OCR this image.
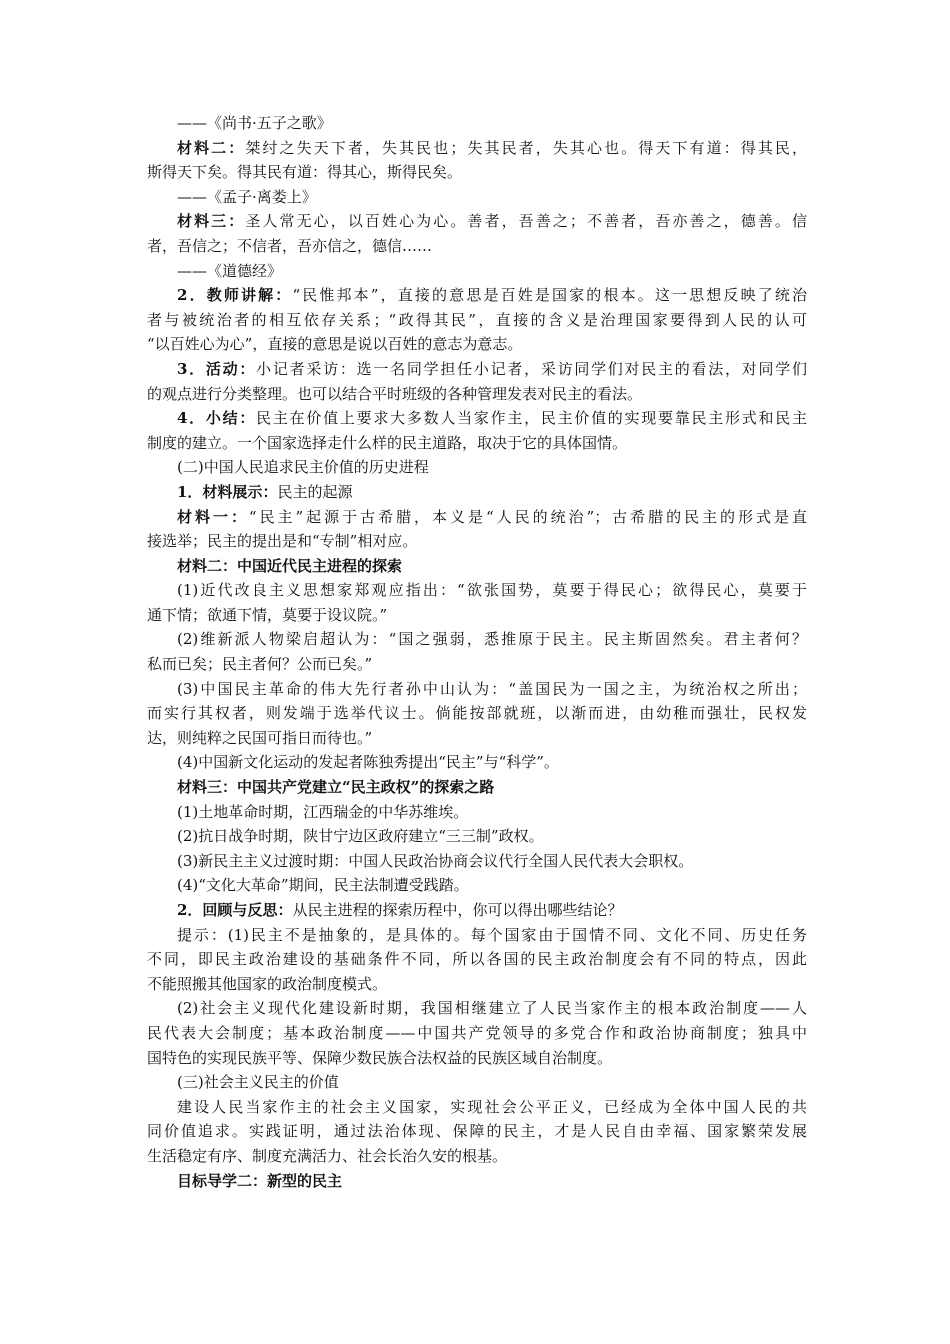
——《尚书·五子之歌》
材料二：桀纣之失天下者，失其民也；失其民者，失其心也。得天下有道：得其民，
斯得天下矣。得其民有道：得其心，斯得民矣。
——《孟子·离娄上》
材料三：圣人常无心，以百姓心为心。善者，吾善之；不善者，吾亦善之，德善。信
者，吾信之；不信者，吾亦信之，德信……
——《道德经》
2．教师讲解：“民惟邦本”，直接的意思是百姓是国家的根本。这一思想反映了统治
者与被统治者的相互依存关系；“政得其民”，直接的含义是治理国家要得到人民的认可
“以百姓心为心”，直接的意思是说以百姓的意志为意志。
3．活动：小记者采访：选一名同学担任小记者，采访同学们对民主的看法，对同学们
的观点进行分类整理。也可以结合平时班级的各种管理发表对民主的看法。
4．小结：民主在价值上要求大多数人当家作主，民主价值的实现要靠民主形式和民主
制度的建立。一个国家选择走什么样的民主道路，取决于它的具体国情。
(二)中国人民追求民主价值的历史进程
1．材料展示：民主的起源
材料一：“民主”起源于古希腊，本义是“人民的统治”；古希腊的民主的形式是直
接选举；民主的提出是和“专制”相对应。
材料二：中国近代民主进程的探索
(1)近代改良主义思想家郑观应指出：“欲张国势，莫要于得民心；欲得民心，莫要于
通下情；欲通下情，莫要于设议院。”
(2)维新派人物梁启超认为：“国之强弱，悉推原于民主。民主斯固然矣。君主者何？
私而已矣；民主者何？公而已矣。”
(3)中国民主革命的伟大先行者孙中山认为：“盖国民为一国之主，为统治权之所出；
而实行其权者，则发端于选举代议士。倘能按部就班，以渐而进，由幼稚而强壮，民权发
达，则纯粹之民国可指日而待也。”
(4)中国新文化运动的发起者陈独秀提出“民主”与“科学”。
材料三：中国共产党建立“民主政权”的探索之路
(1)土地革命时期，江西瑞金的中华苏维埃。
(2)抗日战争时期，陕甘宁边区政府建立“三三制”政权。
(3)新民主主义过渡时期：中国人民政治协商会议代行全国人民代表大会职权。
(4)“文化大革命”期间，民主法制遭受践踏。
2．回顾与反思：从民主进程的探索历程中，你可以得出哪些结论？
提示：(1)民主不是抽象的，是具体的。每个国家由于国情不同、文化不同、历史任务
不同，即民主政治建设的基础条件不同，所以各国的民主政治制度会有不同的特点，因此
不能照搬其他国家的政治制度模式。
(2)社会主义现代化建设新时期，我国相继建立了人民当家作主的根本政治制度——人
民代表大会制度；基本政治制度——中国共产党领导的多党合作和政治协商制度；独具中
国特色的实现民族平等、保障少数民族合法权益的民族区域自治制度。
(三)社会主义民主的价值
建设人民当家作主的社会主义国家，实现社会公平正义，已经成为全体中国人民的共
同价值追求。实践证明，通过法治体现、保障的民主，才是人民自由幸福、国家繁荣发展
生活稳定有序、制度充满活力、社会长治久安的根基。
目标导学二：新型的民主
